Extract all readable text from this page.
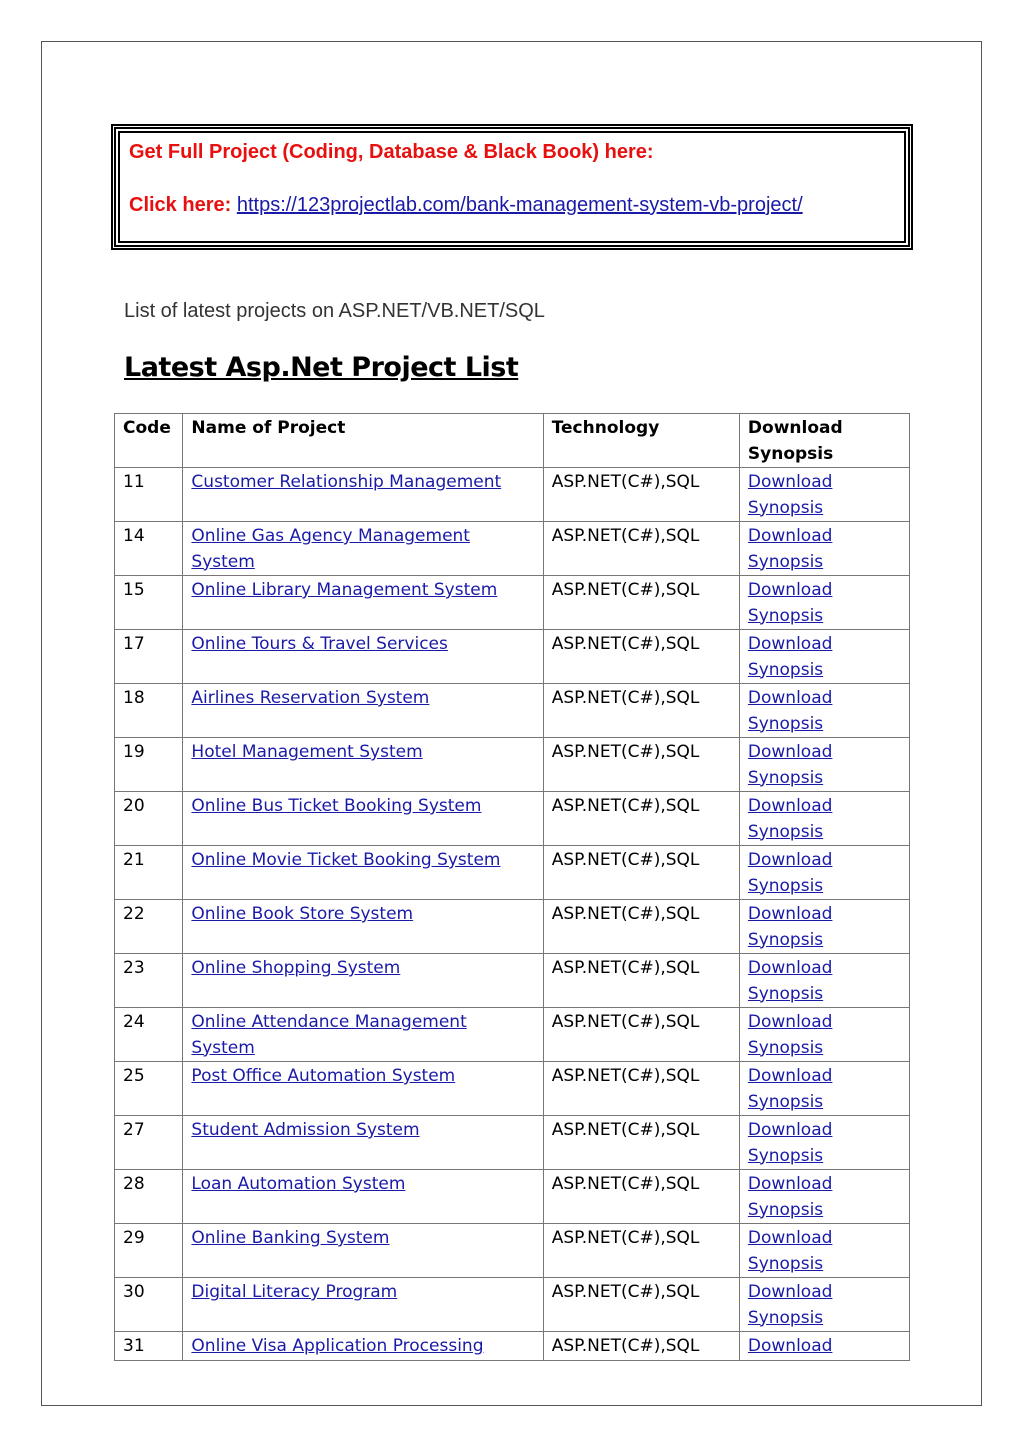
Get Full Project (Coding, Database & Black Book) here:

Click here: https://123projectlab.com/bank-management-system-vb-project/
List of latest projects on ASP.NET/VB.NET/SQL
Latest Asp.Net Project List
Code	Name of Project	Technology	Download Synopsis
11	Customer Relationship Management	ASP.NET(C#),SQL	Download Synopsis
14	Online Gas Agency Management System	ASP.NET(C#),SQL	Download Synopsis
15	Online Library Management System	ASP.NET(C#),SQL	Download Synopsis
17	Online Tours & Travel Services	ASP.NET(C#),SQL	Download Synopsis
18	Airlines Reservation System	ASP.NET(C#),SQL	Download Synopsis
19	Hotel Management System	ASP.NET(C#),SQL	Download Synopsis
20	Online Bus Ticket Booking System	ASP.NET(C#),SQL	Download Synopsis
21	Online Movie Ticket Booking System	ASP.NET(C#),SQL	Download Synopsis
22	Online Book Store System	ASP.NET(C#),SQL	Download Synopsis
23	Online Shopping System	ASP.NET(C#),SQL	Download Synopsis
24	Online Attendance Management System	ASP.NET(C#),SQL	Download Synopsis
25	Post Office Automation System	ASP.NET(C#),SQL	Download Synopsis
27	Student Admission System	ASP.NET(C#),SQL	Download Synopsis
28	Loan Automation System	ASP.NET(C#),SQL	Download Synopsis
29	Online Banking System	ASP.NET(C#),SQL	Download Synopsis
30	Digital Literacy Program	ASP.NET(C#),SQL	Download Synopsis
31	Online Visa Application Processing	ASP.NET(C#),SQL	Download
